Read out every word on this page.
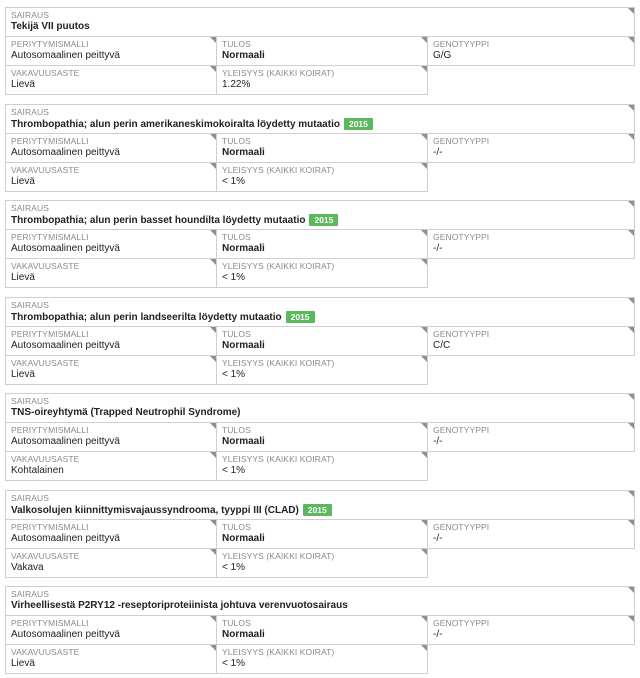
SAIRAUS
Tekijä VII puutos
PERIYTYMISMALLI
Autosomaalinen peittyvä
TULOS
Normaali
GENOTYYPPI
G/G
VAKAVUUSASTE
Lievä
YLEISYYS (KAIKKI KOIRAT)
1.22%
SAIRAUS
Thrombopathia; alun perin amerikaneskimokoiralta löydetty mutaatio	2015
PERIYTYMISMALLI
Autosomaalinen peittyvä
TULOS
Normaali
GENOTYYPPI
-/-
VAKAVUUSASTE
Lievä
YLEISYYS (KAIKKI KOIRAT)
< 1%
SAIRAUS
Thrombopathia; alun perin basset houndilta löydetty mutaatio	2015
PERIYTYMISMALLI
Autosomaalinen peittyvä
TULOS
Normaali
GENOTYYPPI
-/-
VAKAVUUSASTE
Lievä
YLEISYYS (KAIKKI KOIRAT)
< 1%
SAIRAUS
Thrombopathia; alun perin landseerilta löydetty mutaatio	2015
PERIYTYMISMALLI
Autosomaalinen peittyvä
TULOS
Normaali
GENOTYYPPI
C/C
VAKAVUUSASTE
Lievä
YLEISYYS (KAIKKI KOIRAT)
< 1%
SAIRAUS
TNS-oireyhtymä (Trapped Neutrophil Syndrome)
PERIYTYMISMALLI
Autosomaalinen peittyvä
TULOS
Normaali
GENOTYYPPI
-/-
VAKAVUUSASTE
Kohtalainen
YLEISYYS (KAIKKI KOIRAT)
< 1%
SAIRAUS
Valkosolujen kiinnittymisvajaussyndrooma, tyyppi III (CLAD)	2015
PERIYTYMISMALLI
Autosomaalinen peittyvä
TULOS
Normaali
GENOTYYPPI
-/-
VAKAVUUSASTE
Vakava
YLEISYYS (KAIKKI KOIRAT)
< 1%
SAIRAUS
Virheellisestä P2RY12 -reseptoriproteiinista johtuva verenvuotosairaus
PERIYTYMISMALLI
Autosomaalinen peittyvä
TULOS
Normaali
GENOTYYPPI
-/-
VAKAVUUSASTE
Lievä
YLEISYYS (KAIKKI KOIRAT)
< 1%
